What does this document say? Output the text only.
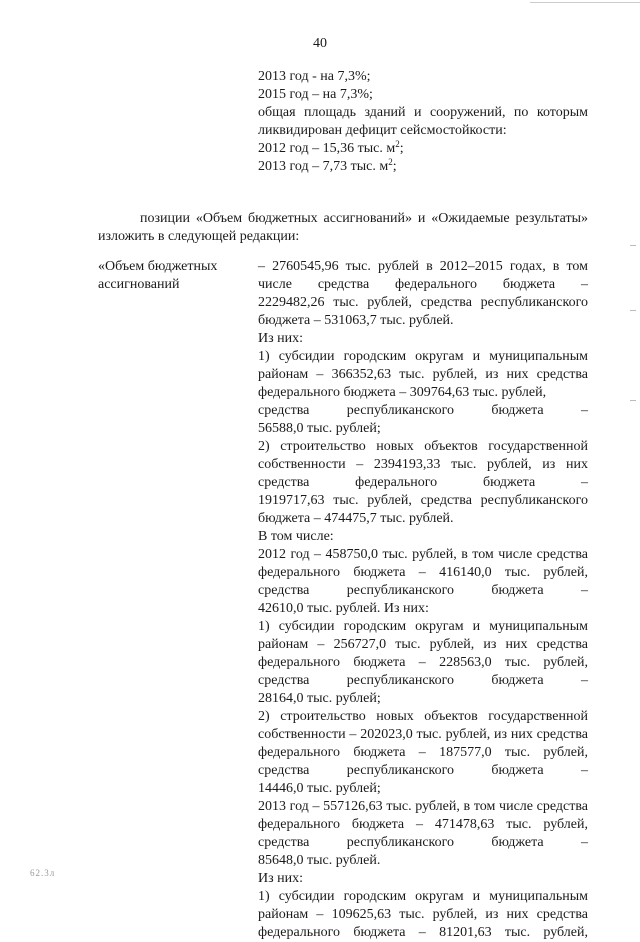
40
2013 год - на 7,3%;
2015 год – на 7,3%;
общая площадь зданий и сооружений, по которым
ликвидирован дефицит сейсмостойкости:
2012 год – 15,36 тыс. $м^2$;
2013 год – 7,73 тыс. $м^2$;
позиции «Объем бюджетных ассигнований» и «Ожидаемые результаты»
изложить в следующей редакции:
«Объем бюджетных
ассигнований
– 2760545,96 тыс. рублей в 2012–2015 годах, в том
числе средства федерального бюджета –
2229482,26 тыс. рублей, средства республиканского
бюджета – 531063,7 тыс. рублей.
Из них:
1) субсидии городским округам и муниципальным
районам – 366352,63 тыс. рублей, из них средства
федерального бюджета – 309764,63 тыс. рублей,
средства республиканского бюджета –
56588,0 тыс. рублей;
2) строительство новых объектов государственной
собственности – 2394193,33 тыс. рублей, из них
средства федерального бюджета –
1919717,63 тыс. рублей, средства республиканского
бюджета – 474475,7 тыс. рублей.
В том числе:
2012 год – 458750,0 тыс. рублей, в том числе средства
федерального бюджета – 416140,0 тыс. рублей,
средства республиканского бюджета –
42610,0 тыс. рублей. Из них:
1) субсидии городским округам и муниципальным
районам – 256727,0 тыс. рублей, из них средства
федерального бюджета – 228563,0 тыс. рублей,
средства республиканского бюджета –
28164,0 тыс. рублей;
2) строительство новых объектов государственной
собственности – 202023,0 тыс. рублей, из них средства
федерального бюджета – 187577,0 тыс. рублей,
средства республиканского бюджета –
14446,0 тыс. рублей;
2013 год – 557126,63 тыс. рублей, в том числе средства
федерального бюджета – 471478,63 тыс. рублей,
средства республиканского бюджета –
85648,0 тыс. рублей.
Из них:
1) субсидии городским округам и муниципальным
районам – 109625,63 тыс. рублей, из них средства
федерального бюджета – 81201,63 тыс. рублей,
62.3л
